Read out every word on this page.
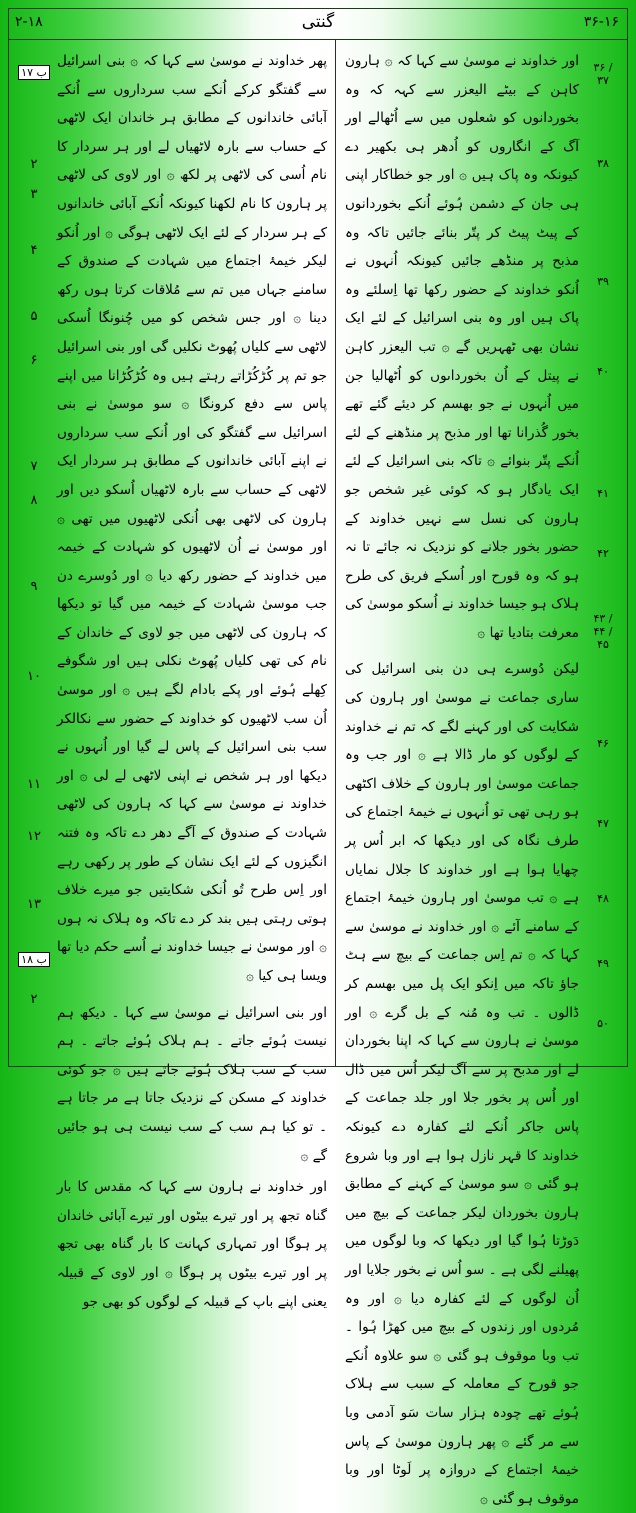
۲-۱۸	گنتی	۳۶-۱۶

اور خداوند نے موسیٰ سے کہا کہ ۞ ہارون کاہن کے بیٹے الیعزر سے کہہ کہ وہ بخوردانوں کو شعلوں میں سے اُٹھالے اور آگ کے انگاروں کو اُدھر ہی بکھیر دے کیونکہ وہ پاک ہیں ۞ اور جو خطاکار اپنی ہی جان کے دشمن ہُوئے اُنکے بخوردانوں کے پیٹ پیٹ کر پتّر بنائے جائیں تاکہ وہ مذبح پر منڈھے جائیں کیونکہ اُنہوں نے اُنکو خداوند کے حضور رکھا تھا اِسلئے وہ پاک ہیں اور وہ بنی اسرائیل کے لئے ایک نشان بھی ٹھہریں گے ۞ تب الیعزر کاہن نے پیتل کے اُن بخورداںوں کو اُٹھالیا جن میں اُنہوں نے جو بھسم کر دیئے گئے تھے بخور گُذرانا تھا اور مذبح پر منڈھنے کے لئے اُنکے پتّر بنوائے ۞ تاکہ بنی اسرائیل کے لئے ایک یادگار ہو کہ کوئی غیر شخص جو ہارون کی نسل سے نہیں خداوند کے حضور بخور جلانے کو نزدیک نہ جائے تا نہ ہو کہ وہ قورح اور اُسکے فریق کی طرح ہلاک ہو جیسا خداوند نے اُسکو موسیٰ کی معرفت بتادیا تھا ۞

لیکن دُوسرے ہی دن بنی اسرائیل کی ساری جماعت نے موسیٰ اور ہارون کی شکایت کی اور کہنے لگے کہ تم نے خداوند کے لوگوں کو مار ڈالا ہے ۞ اور جب وہ جماعت موسیٰ اور ہارون کے خلاف اکٹھی ہو رہی تھی تو اُنہوں نے خیمۂ اجتماع کی طرف نگاہ کی اور دیکھا کہ ابر اُس پر چھایا ہوا ہے اور خداوند کا جلال نمایاں ہے ۞ تب موسیٰ اور ہارون خیمۂ اجتماع کے سامنے آئے ۞ اور خداوند نے موسیٰ سے کہا کہ ۞ تم اِس جماعت کے بیچ سے ہٹ جاؤ تاکہ میں اِنکو ایک پل میں بھسم کر ڈالوں ۔ تب وہ مُنہ کے بل گرے ۞ اور موسیٰ نے ہارون سے کہا کہ اپنا بخوردان لے اور مذبح پر سے آگ لیکر اُس میں ڈال اور اُس پر بخور جلا اور جلد جماعت کے پاس جاکر اُنکے لئے کفارہ دے کیونکہ خداوند کا قہر نازل ہوا ہے اور وبا شروع ہو گئی ۞ سو موسیٰ کے کہنے کے مطابق ہارون بخوردان لیکر جماعت کے بیچ میں دَوڑتا ہُوا گیا اور دیکھا کہ وبا لوگوں میں پھیلنے لگی ہے ۔ سو اُس نے بخور جلایا اور اُن لوگوں کے لئے کفارہ دیا ۞ اور وہ مُردوں اور زندوں کے بیچ میں کھڑا ہُوا ۔ تب وبا موقوف ہو گئی ۞ سو علاوہ اُنکے جو قورح کے معاملہ کے سبب سے ہلاک ہُوئے تھے چودہ ہزار سات سَو آدمی وبا سے مر گئے ۞ پھر ہارون موسیٰ کے پاس خیمۂ اجتماع کے دروازہ پر لَوٹا اور وبا موقوف ہو گئی ۞

پھر خداوند نے موسیٰ سے کہا کہ ۞ بنی اسرائیل سے گفتگو کرکے اُنکے سب سرداروں سے اُنکے آبائی خاندانوں کے مطابق ہر خاندان ایک لاٹھی کے حساب سے بارہ لاٹھیاں لے اور ہر سردار کا نام اُسی کی لاٹھی پر لکھ ۞ اور لاوی کی لاٹھی پر ہارون کا نام لکھنا کیونکہ اُنکے آبائی خاندانوں کے ہر سردار کے لئے ایک لاٹھی ہوگی ۞ اور اُنکو لیکر خیمۂ اجتماع میں شہادت کے صندوق کے سامنے جہاں میں تم سے مُلاقات کرتا ہوں رکھ دینا ۞ اور جس شخص کو میں چُنونگا اُسکی لاٹھی سے کلیاں پُھوٹ نکلیں گی اور بنی اسرائیل جو تم پر کُڑکُڑاتے رہتے ہیں وہ کُڑکُڑانا میں اپنے پاس سے دفع کرونگا ۞ سو موسیٰ نے بنی اسرائیل سے گفتگو کی اور اُنکے سب سرداروں نے اپنے آبائی خاندانوں کے مطابق ہر سردار ایک لاٹھی کے حساب سے بارہ لاٹھیاں اُسکو دیں اور ہارون کی لاٹھی بھی اُنکی لاٹھیوں میں تھی ۞ اور موسیٰ نے اُن لاٹھیوں کو شہادت کے خیمہ میں خداوند کے حضور رکھ دیا ۞ اور دُوسرے دن جب موسیٰ شہادت کے خیمہ میں گیا تو دیکھا کہ ہارون کی لاٹھی میں جو لاوی کے خاندان کے نام کی تھی کلیاں پُھوٹ نکلی ہیں اور شگوفے کِھلے ہُوئے اور پکے بادام لگے ہیں ۞ اور موسیٰ اُن سب لاٹھیوں کو خداوند کے حضور سے نکالکر سب بنی اسرائیل کے پاس لے گیا اور اُنہوں نے دیکھا اور ہر شخص نے اپنی لاٹھی لے لی ۞ اور خداوند نے موسیٰ سے کہا کہ ہارون کی لاٹھی شہادت کے صندوق کے آگے دھر دے تاکہ وہ فتنہ انگیزوں کے لئے ایک نشان کے طور پر رکھی رہے اور اِس طرح تُو اُنکی شکایتیں جو میرے خلاف ہوتی رہتی ہیں بند کر دے تاکہ وہ ہلاک نہ ہوں ۞ اور موسیٰ نے جیسا خداوند نے اُسے حکم دیا تھا ویسا ہی کیا ۞

اور بنی اسرائیل نے موسیٰ سے کہا ۔ دیکھ ہم نیست ہُوئے جاتے ۔ ہم ہلاک ہُوئے جاتے ۔ ہم سب کے سب ہلاک ہُوئے جاتے ہیں ۞ جو کوئی خداوند کے مسکن کے نزدیک جاتا ہے مر جاتا ہے ۔ تو کیا ہم سب کے سب نیست ہی ہو جائیں گے ۞

اور خداوند نے ہارون سے کہا کہ مقدس کا بار گناہ تجھ پر اور تیرے بیٹوں اور تیرے آبائی خاندان پر ہوگا اور تمہاری کہانت کا بار گناہ بھی تجھ پر اور تیرے بیٹوں پر ہوگا ۞ اور لاوی کے قبیلہ یعنی اپنے باپ کے قبیلہ کے لوگوں کو بھی جو

۳۶ / ۳۷
۳۸
۳۹
۴۰
۴۱
۴۲
۴۳ / ۴۴ / ۴۵
۴۶
۴۷
۴۸
۴۹
۵۰
۱۷ ب
۲
۳
۴
۵
۶
۷
۸
۹
۱۰
۱۱
۱۲
۱۳
۱۸ ب
۲
